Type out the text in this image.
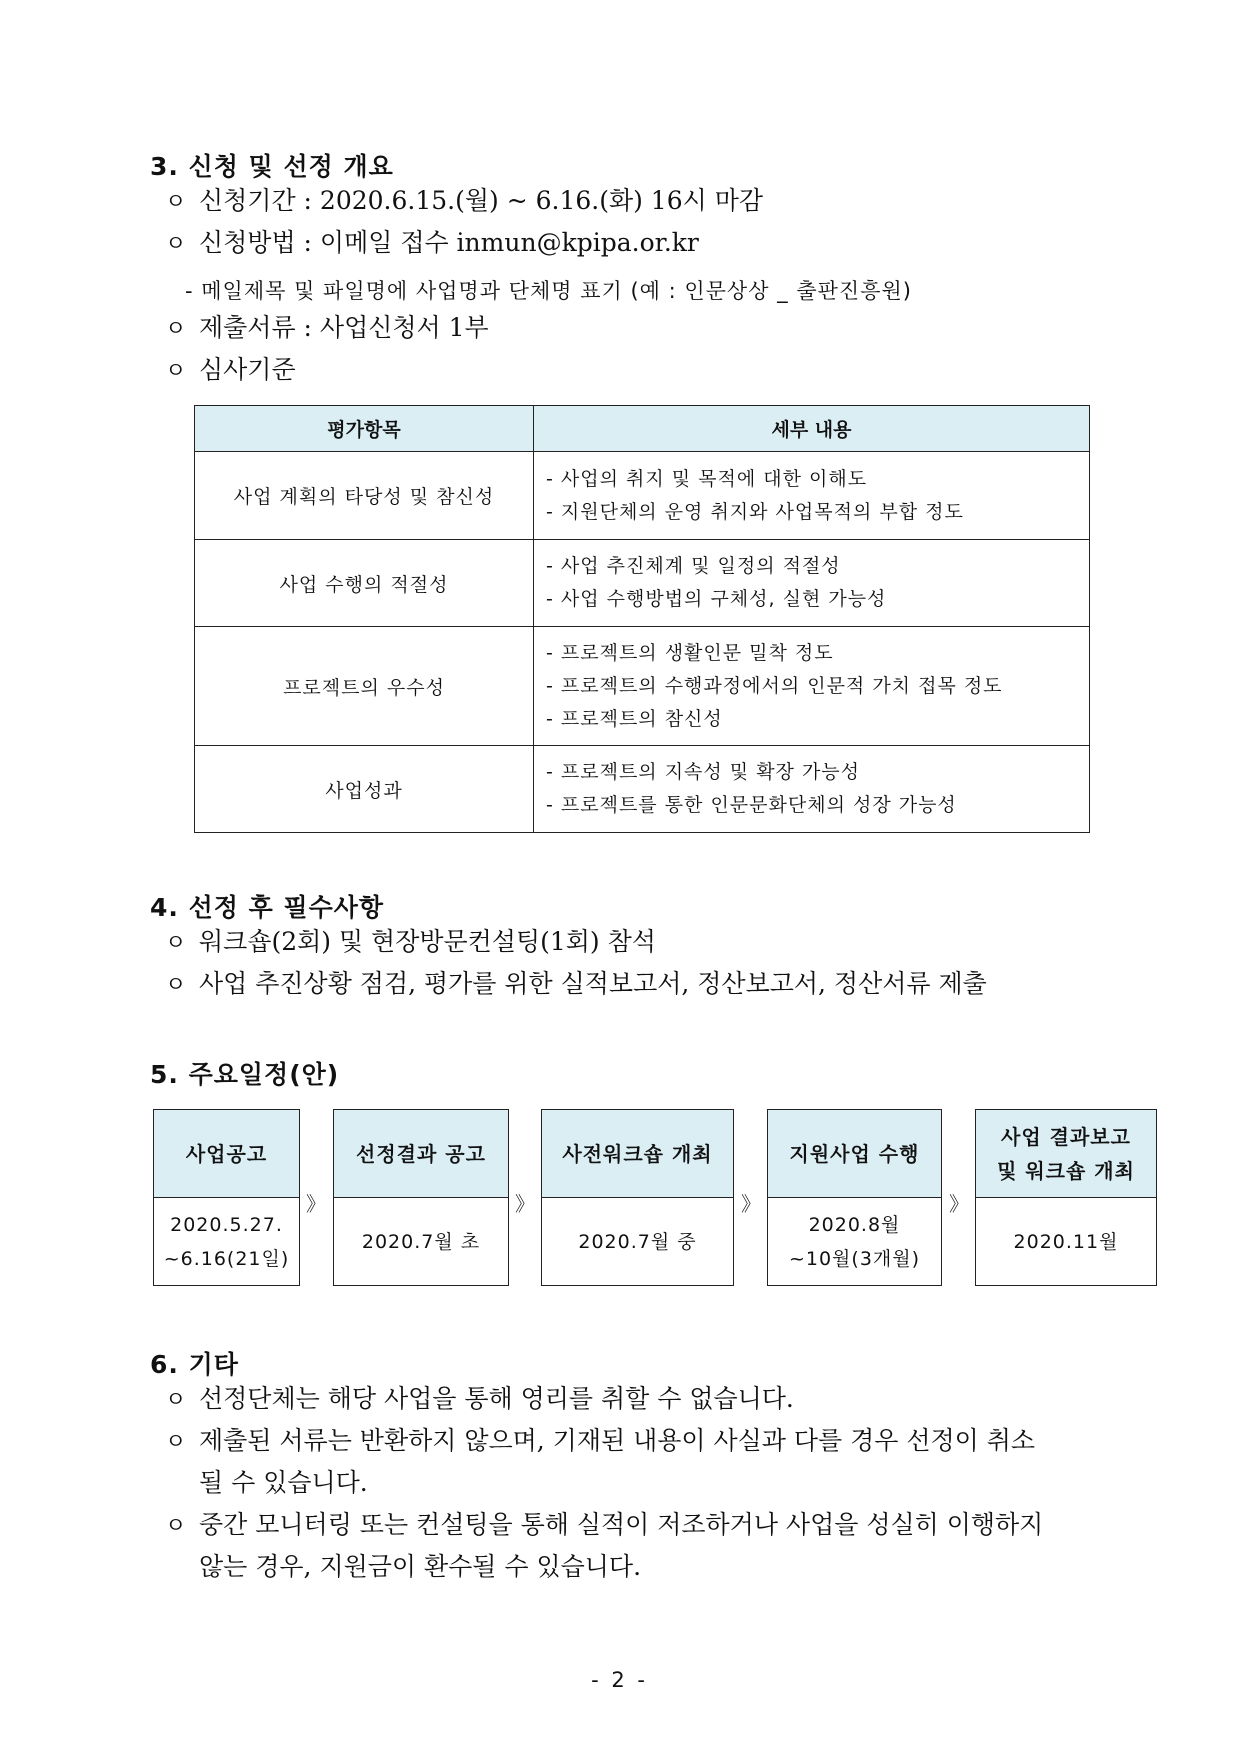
3. 신청 및 선정 개요
ㅇ 신청기간 : 2020.6.15.(월) ~ 6.16.(화) 16시 마감
ㅇ 신청방법 : 이메일 접수 inmun@kpipa.or.kr
- 메일제목 및 파일명에 사업명과 단체명 표기 (예 : 인문상상 _ 출판진흥원)
ㅇ 제출서류 : 사업신청서 1부
ㅇ 심사기준
평가항목	세부 내용
사업 계획의 타당성 및 참신성	- 사업의 취지 및 목적에 대한 이해도
- 지원단체의 운영 취지와 사업목적의 부합 정도

사업 수행의 적절성	- 사업 추진체계 및 일정의 적절성
- 사업 수행방법의 구체성, 실현 가능성

프로젝트의 우수성	- 프로젝트의 생활인문 밀착 정도
- 프로젝트의 수행과정에서의 인문적 가치 접목 정도
- 프로젝트의 참신성

사업성과	- 프로젝트의 지속성 및 확장 가능성
- 프로젝트를 통한 인문문화단체의 성장 가능성
4. 선정 후 필수사항
ㅇ 워크숍(2회) 및 현장방문컨설팅(1회) 참석
ㅇ 사업 추진상황 점검, 평가를 위한 실적보고서, 정산보고서, 정산서류 제출
5. 주요일정(안)
사업공고
2020.5.27.
~6.16(21일)
》
선정결과 공고
2020.7월 초
》
사전워크숍 개최
2020.7월 중
》
지원사업 수행
2020.8월
~10월(3개월)
》
사업 결과보고
및 워크숍 개최
2020.11월
6. 기타
ㅇ 선정단체는 해당 사업을 통해 영리를 취할 수 없습니다.
ㅇ 제출된 서류는 반환하지 않으며, 기재된 내용이 사실과 다를 경우 선정이 취소
될 수 있습니다.
ㅇ 중간 모니터링 또는 컨설팅을 통해 실적이 저조하거나 사업을 성실히 이행하지
않는 경우, 지원금이 환수될 수 있습니다.
- 2 -
